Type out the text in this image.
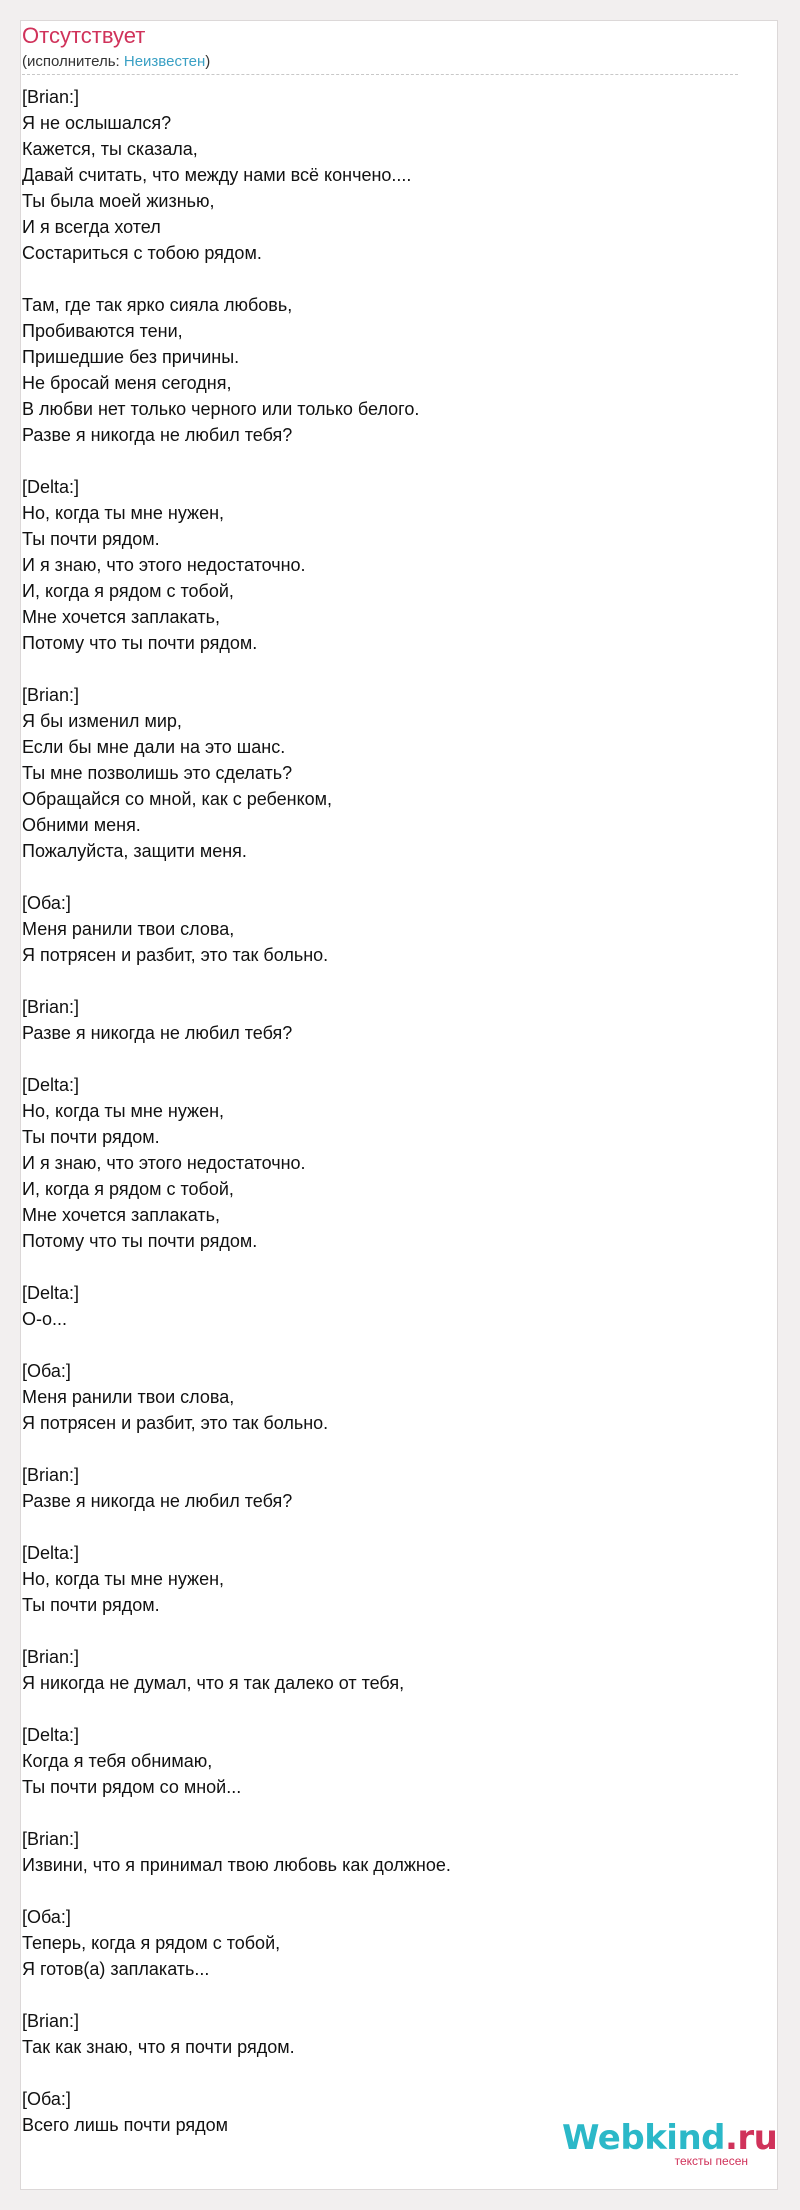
Отсутствует
(исполнитель: Неизвестен)
[Brian:]
Я не ослышался?
Кажется, ты сказала,
Давай считать, что между нами всё кончено....
Ты была моей жизнью,
И я всегда хотел
Состариться с тобою рядом.
Там, где так ярко сияла любовь,
Пробиваются тени,
Пришедшие без причины.
Не бросай меня сегодня,
В любви нет только черного или только белого.
Разве я никогда не любил тебя?
[Delta:]
Но, когда ты мне нужен,
Ты почти рядом.
И я знаю, что этого недостаточно.
И, когда я рядом с тобой,
Мне хочется заплакать,
Потому что ты почти рядом.
[Brian:]
Я бы изменил мир,
Если бы мне дали на это шанс.
Ты мне позволишь это сделать?
Обращайся со мной, как с ребенком,
Обними меня.
Пожалуйста, защити меня.
[Оба:]
Меня ранили твои слова,
Я потрясен и разбит, это так больно.
[Brian:]
Разве я никогда не любил тебя?
[Delta:]
Но, когда ты мне нужен,
Ты почти рядом.
И я знаю, что этого недостаточно.
И, когда я рядом с тобой,
Мне хочется заплакать,
Потому что ты почти рядом.
[Delta:]
О-о...
[Оба:]
Меня ранили твои слова,
Я потрясен и разбит, это так больно.
[Brian:]
Разве я никогда не любил тебя?
[Delta:]
Но, когда ты мне нужен,
Ты почти рядом.
[Brian:]
Я никогда не думал, что я так далеко от тебя,
[Delta:]
Когда я тебя обнимаю,
Ты почти рядом со мной...
[Brian:]
Извини, что я принимал твою любовь как должное.
[Оба:]
Теперь, когда я рядом с тобой,
Я готов(а) заплакать...
[Brian:]
Так как знаю, что я почти рядом.
[Оба:]
Всего лишь почти рядом	Webkind.ru
тексты песен
